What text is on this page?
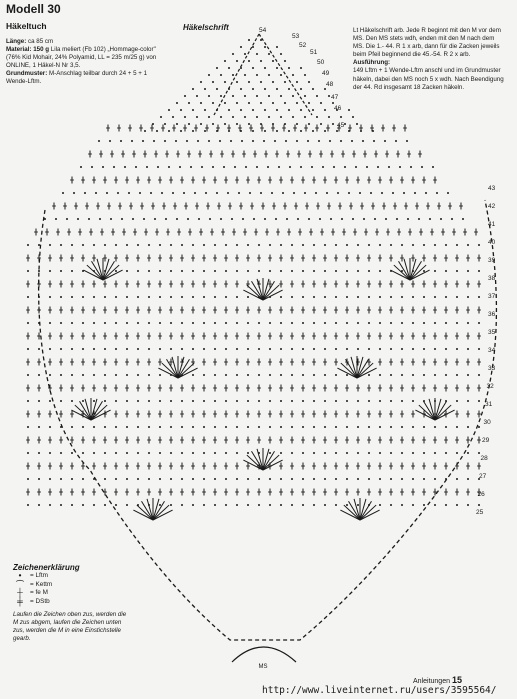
MS
54
53
52
51
50
49
48
47
46
45
43
42
41
40
39
38
37
36
35
34
33
32
31
30
29
28
27
26
25
Modell 30
Häkeltuch
Länge: ca 85 cm
Material: 150 g Lila meliert (Fb 102) „Hommage-color" (76% Kid Mohair, 24% Polyamid, LL = 235 m/25 g) von ONLINE, 1 Häkel-N Nr 3,5.
Grundmuster: M-Anschlag teilbar durch 24 + 5 + 1 Wende-Lftm.
Häkelschrift	Lt Häkelschrift arb. Jede R beginnt mit den M vor dem MS. Den MS stets wdh, enden mit den M nach dem MS. Die 1.- 44. R 1 x arb, dann für die Zacken jeweils beim Pfeil beginnend die 45.-54. R 2 x arb.
Ausführung:
149 Lftm + 1 Wende-Lftm anschl und im Grundmuster häkeln, dabei den MS noch 5 x wdh. Nach Beendigung der 44. Rd insgesamt 18 Zacken häkeln.
Zeichenerklärung
•	= Lftm
⌒ = Kettm
┼	= fe M
╪	= DStb
Laufen die Zeichen oben zus, werden die M zus abgem, laufen die Zeichen unten zus, werden die M in eine Einstichstelle gearb.
Anleitungen 15
http://www.liveinternet.ru/users/3595564/
